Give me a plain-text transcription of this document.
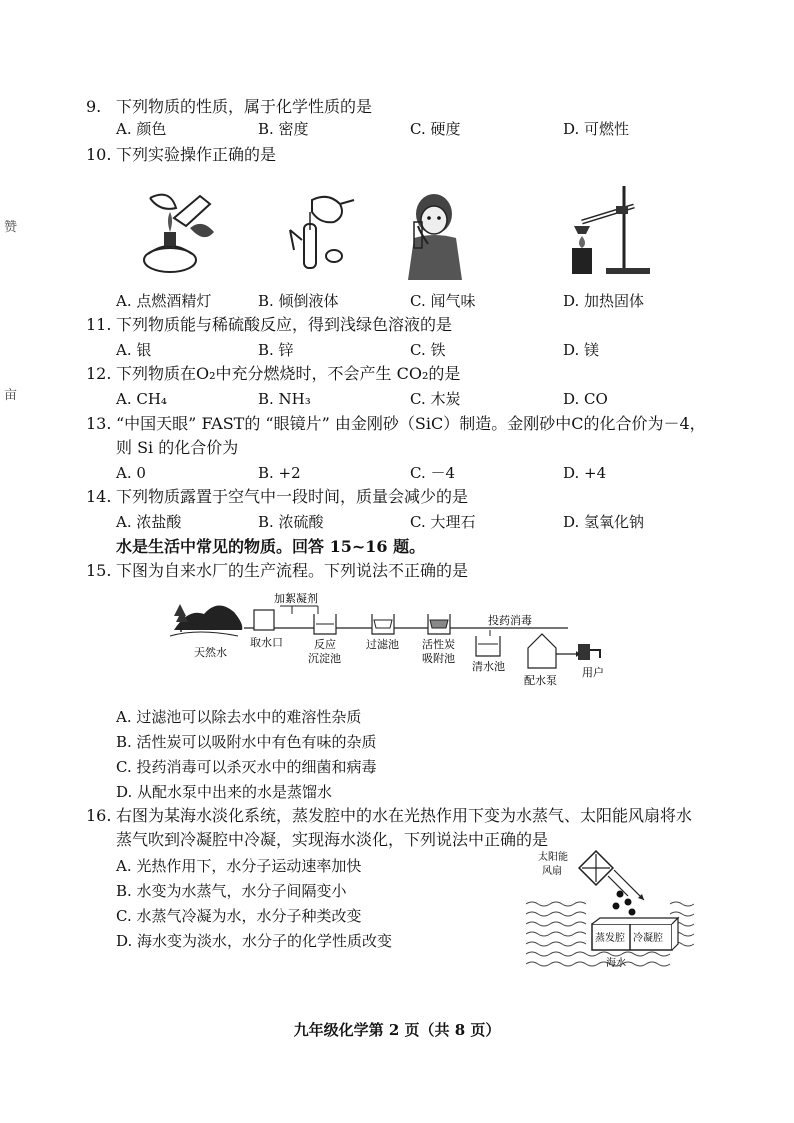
赞
亩
9. 下列物质的性质，属于化学性质的是
A. 颜色	B. 密度	C. 硬度	D. 可燃性
10. 下列实验操作正确的是
A. 点燃酒精灯	B. 倾倒液体	C. 闻气味	D. 加热固体
11. 下列物质能与稀硫酸反应，得到浅绿色溶液的是
A. 银	B. 锌	C. 铁	D. 镁
12. 下列物质在O₂中充分燃烧时，不会产生 CO₂的是
A. CH₄	B. NH₃	C. 木炭	D. CO
13. “中国天眼” FAST的 “眼镜片” 由金刚砂（SiC）制造。金刚砂中C的化合价为－4，
则 Si 的化合价为
A. 0	B. +2	C. －4	D. +4
14. 下列物质露置于空气中一段时间，质量会减少的是
A. 浓盐酸	B. 浓硫酸	C. 大理石	D. 氢氧化钠
水是生活中常见的物质。回答 15~16 题。
15. 下图为自来水厂的生产流程。下列说法不正确的是
加絮凝剂
投药消毒
天然水
取水口	反应
沉淀池
过滤池 活性炭
吸附池
清水池
配水泵
用户
A. 过滤池可以除去水中的难溶性杂质
B. 活性炭可以吸附水中有色有味的杂质
C. 投药消毒可以杀灭水中的细菌和病毒
D. 从配水泵中出来的水是蒸馏水
16. 右图为某海水淡化系统，蒸发腔中的水在光热作用下变为水蒸气、太阳能风扇将水
蒸气吹到冷凝腔中冷凝，实现海水淡化，下列说法中正确的是
A. 光热作用下，水分子运动速率加快
B. 水变为水蒸气，水分子间隔变小
C. 水蒸气冷凝为水，水分子种类改变
D. 海水变为淡水，水分子的化学性质改变
太阳能
风扇
蒸发腔 冷凝腔
海水
九年级化学第 2 页（共 8 页）
